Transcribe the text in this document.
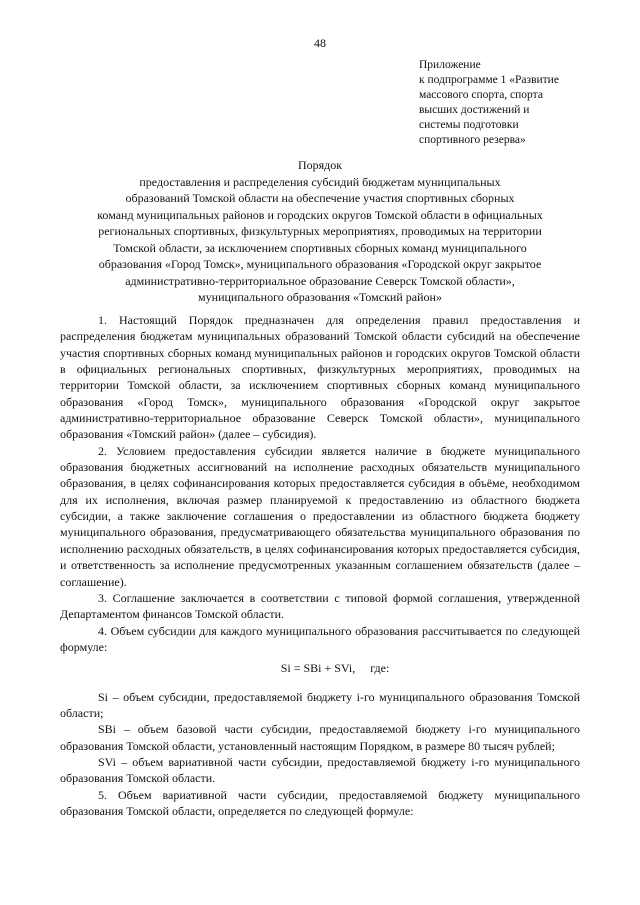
48
Приложение
к подпрограмме 1 «Развитие
массового спорта, спорта
высших достижений и
системы подготовки
спортивного резерва»
Порядок
предоставления и распределения субсидий бюджетам муниципальных
образований Томской области на обеспечение участия спортивных сборных
команд муниципальных районов и городских округов Томской области в официальных
региональных спортивных, физкультурных мероприятиях, проводимых на территории
Томской области, за исключением спортивных сборных команд муниципального
образования «Город Томск», муниципального образования «Городской округ закрытое
административно-территориальное образование Северск Томской области»,
муниципального образования «Томский район»

1. Настоящий Порядок предназначен для определения правил предоставления и распределения бюджетам муниципальных образований Томской области субсидий на обеспечение участия спортивных сборных команд муниципальных районов и городских округов Томской области в официальных региональных спортивных, физкультурных мероприятиях, проводимых на территории Томской области, за исключением спортивных сборных команд муниципального образования «Город Томск», муниципального образования «Городской округ закрытое административно-территориальное образование Северск Томской области», муниципального образования «Томский район» (далее – субсидия).

2. Условием предоставления субсидии является наличие в бюджете муниципального образования бюджетных ассигнований на исполнение расходных обязательств муниципального образования, в целях софинансирования которых предоставляется субсидия в объёме, необходимом для их исполнения, включая размер планируемой к предоставлению из областного бюджета субсидии, а также заключение соглашения о предоставлении из областного бюджета бюджету муниципального образования, предусматривающего обязательства муниципального образования по исполнению расходных обязательств, в целях софинансирования которых предоставляется субсидия, и ответственность за исполнение предусмотренных указанным соглашением обязательств (далее – соглашение).

3. Соглашение заключается в соответствии с типовой формой соглашения, утвержденной Департаментом финансов Томской области.

4. Объем субсидии для каждого муниципального образования рассчитывается по следующей формуле:

Si = SBi + SVi, где:

Si – объем субсидии, предоставляемой бюджету i-го муниципального образования Томской области;

SBi – объем базовой части субсидии, предоставляемой бюджету i-го муниципального образования Томской области, установленный настоящим Порядком, в размере 80 тысяч рублей;

SVi – объем вариативной части субсидии, предоставляемой бюджету i-го муниципального образования Томской области.

5. Объем вариативной части субсидии, предоставляемой бюджету муниципального образования Томской области, определяется по следующей формуле:
